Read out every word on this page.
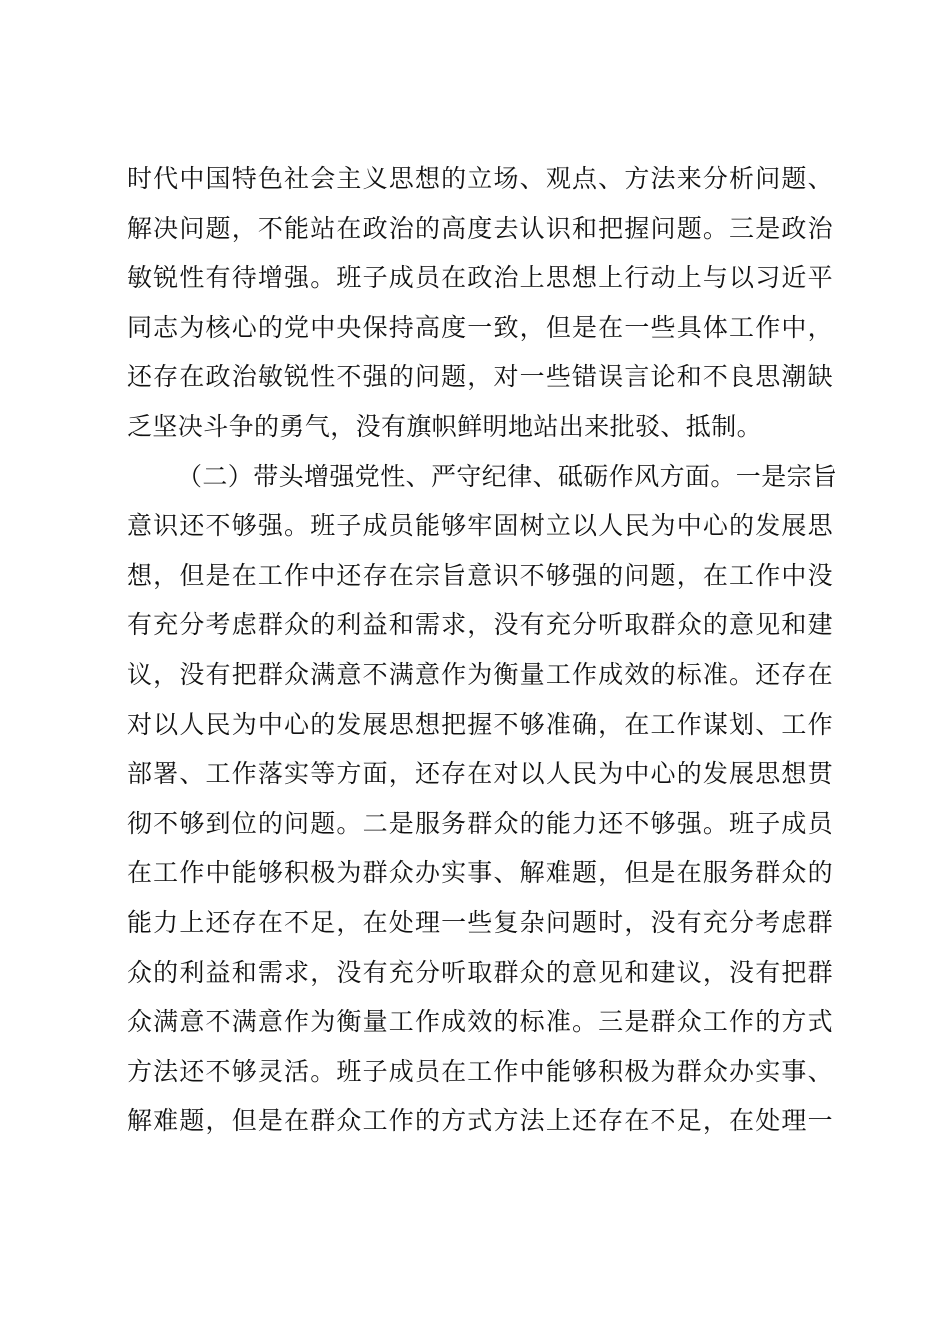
时代中国特色社会主义思想的立场、观点、方法来分析问题、
解决问题，不能站在政治的高度去认识和把握问题。三是政治
敏锐性有待增强。班子成员在政治上思想上行动上与以习近平
同志为核心的党中央保持高度一致，但是在一些具体工作中，
还存在政治敏锐性不强的问题，对一些错误言论和不良思潮缺
乏坚决斗争的勇气，没有旗帜鲜明地站出来批驳、抵制。
（二）带头增强党性、严守纪律、砥砺作风方面。一是宗旨
意识还不够强。班子成员能够牢固树立以人民为中心的发展思
想，但是在工作中还存在宗旨意识不够强的问题，在工作中没
有充分考虑群众的利益和需求，没有充分听取群众的意见和建
议，没有把群众满意不满意作为衡量工作成效的标准。还存在
对以人民为中心的发展思想把握不够准确，在工作谋划、工作
部署、工作落实等方面，还存在对以人民为中心的发展思想贯
彻不够到位的问题。二是服务群众的能力还不够强。班子成员
在工作中能够积极为群众办实事、解难题，但是在服务群众的
能力上还存在不足，在处理一些复杂问题时，没有充分考虑群
众的利益和需求，没有充分听取群众的意见和建议，没有把群
众满意不满意作为衡量工作成效的标准。三是群众工作的方式
方法还不够灵活。班子成员在工作中能够积极为群众办实事、
解难题，但是在群众工作的方式方法上还存在不足，在处理一
